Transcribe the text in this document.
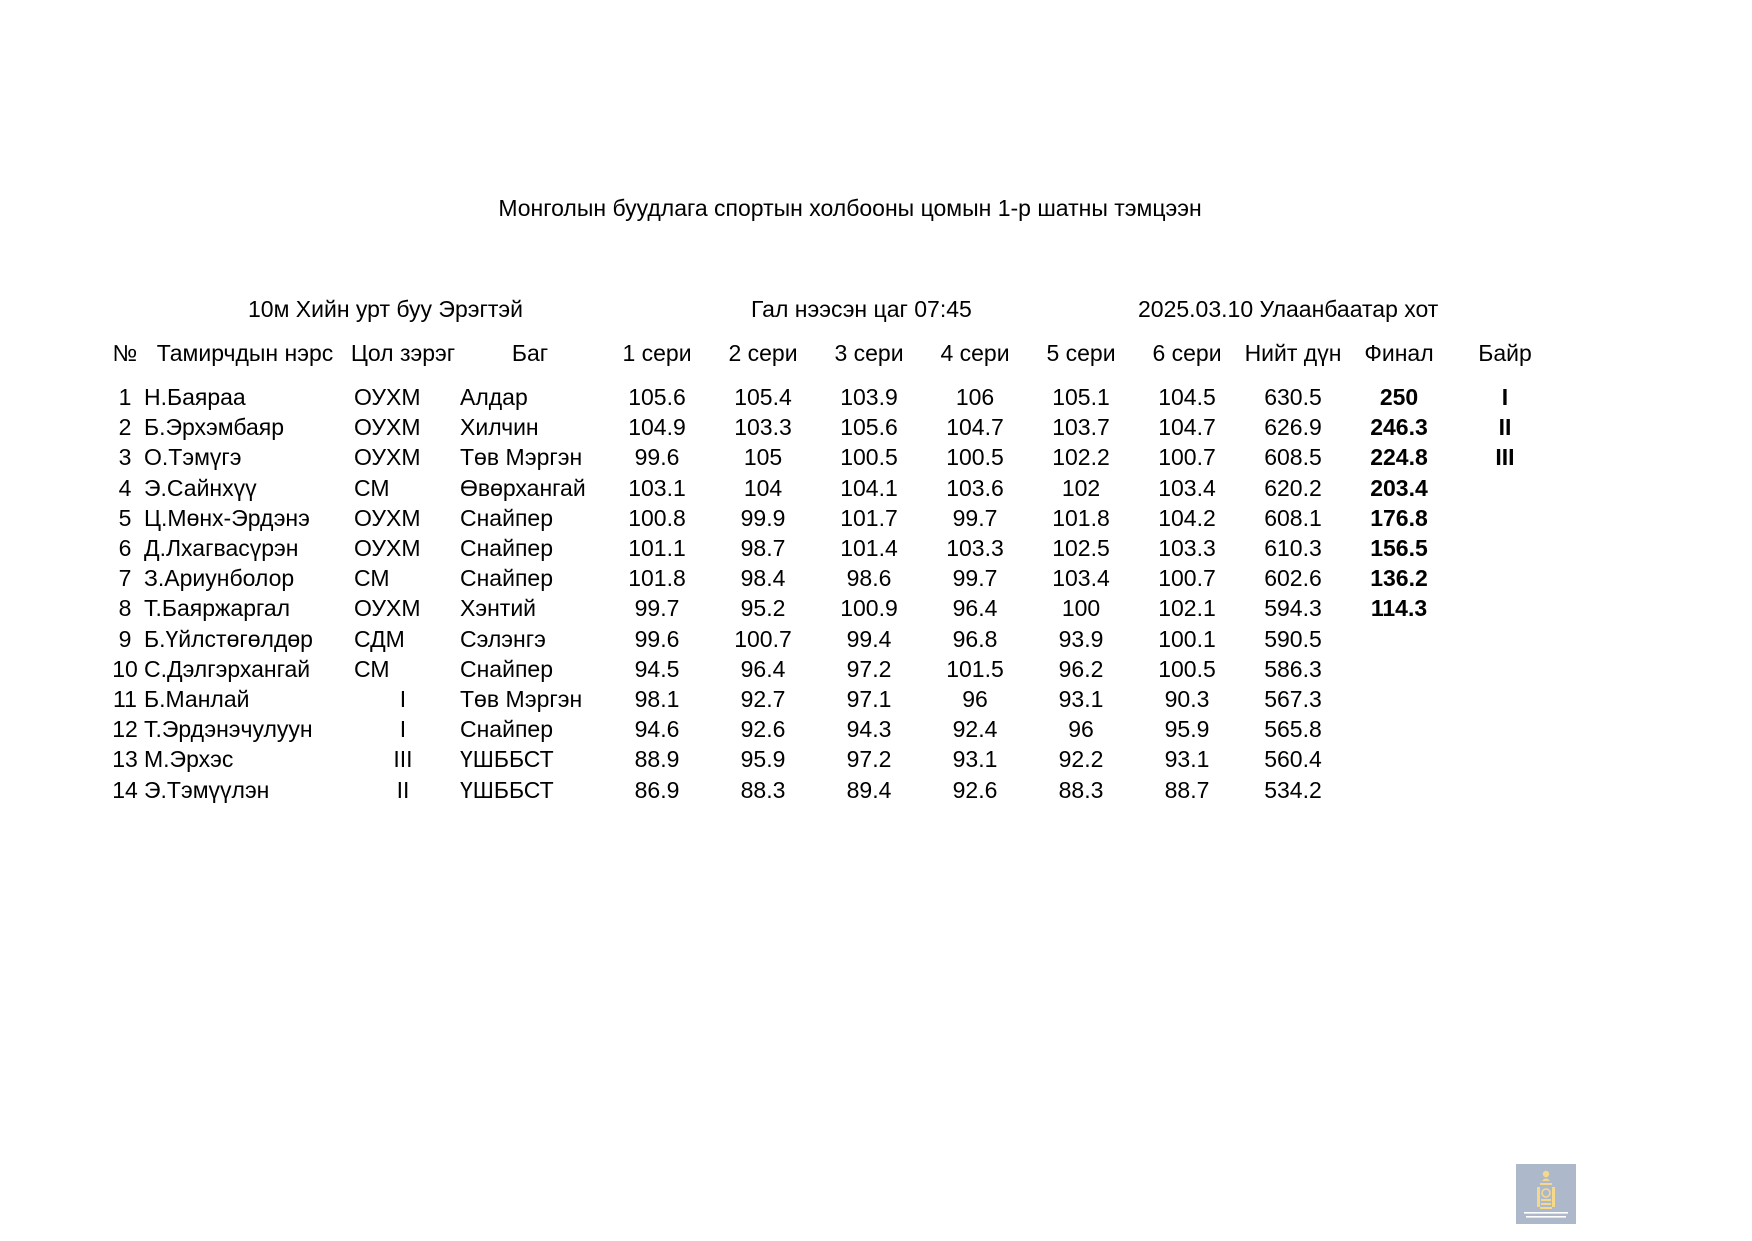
Монголын буудлага спортын холбооны цомын 1-р шатны тэмцээн
10м Хийн урт буу Эрэгтэй	Гал нээсэн цаг 07:45	2025.03.10 Улаанбаатар хот
№	Тамирчдын нэрс	Цол зэрэг	Баг	1 сери	2 сери	3 сери	4 сери	5 сери	6 сери	Нийт дүн	Финал	Байр
1	Н.Баяраа	ОУХМ	Алдар	105.6	105.4	103.9	106	105.1	104.5	630.5	250	I
2	Б.Эрхэмбаяр	ОУХМ	Хилчин	104.9	103.3	105.6	104.7	103.7	104.7	626.9	246.3	II
3	О.Тэмүгэ	ОУХМ	Төв Мэргэн	99.6	105	100.5	100.5	102.2	100.7	608.5	224.8	III
4	Э.Сайнхүү	СМ	Өвөрхангай	103.1	104	104.1	103.6	102	103.4	620.2	203.4	
5	Ц.Мөнх-Эрдэнэ	ОУХМ	Снайпер	100.8	99.9	101.7	99.7	101.8	104.2	608.1	176.8	
6	Д.Лхагвасүрэн	ОУХМ	Снайпер	101.1	98.7	101.4	103.3	102.5	103.3	610.3	156.5	
7	З.Ариунболор	СМ	Снайпер	101.8	98.4	98.6	99.7	103.4	100.7	602.6	136.2	
8	Т.Баяржаргал	ОУХМ	Хэнтий	99.7	95.2	100.9	96.4	100	102.1	594.3	114.3	
9	Б.Үйлстөгөлдөр	СДМ	Сэлэнгэ	99.6	100.7	99.4	96.8	93.9	100.1	590.5		
10	С.Дэлгэрхангай	СМ	Снайпер	94.5	96.4	97.2	101.5	96.2	100.5	586.3		
11	Б.Манлай	I	Төв Мэргэн	98.1	92.7	97.1	96	93.1	90.3	567.3		
12	Т.Эрдэнэчулуун	I	Снайпер	94.6	92.6	94.3	92.4	96	95.9	565.8		
13	М.Эрхэс	III	ҮШББСТ	88.9	95.9	97.2	93.1	92.2	93.1	560.4		
14	Э.Тэмүүлэн	II	ҮШББСТ	86.9	88.3	89.4	92.6	88.3	88.7	534.2		
